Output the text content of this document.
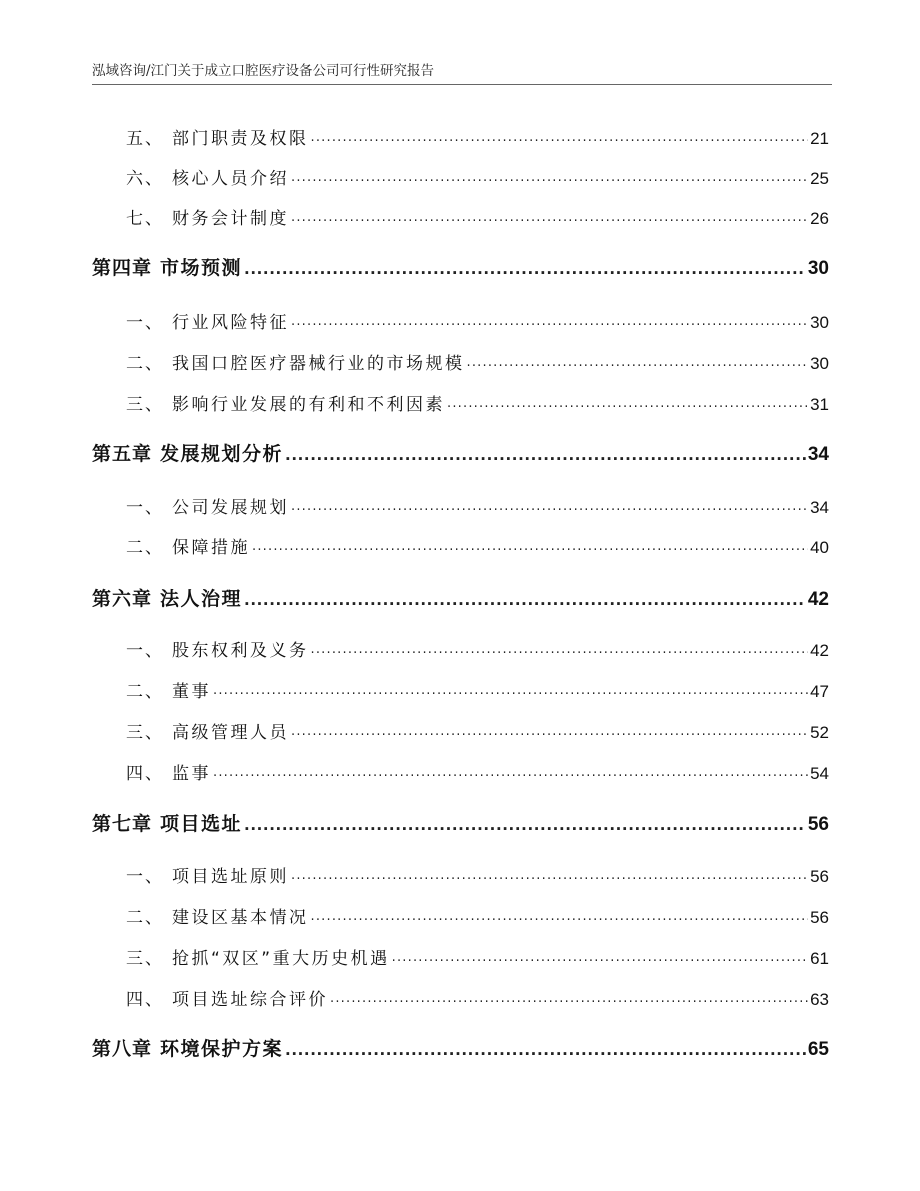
泓域咨询/江门关于成立口腔医疗设备公司可行性研究报告
五、 部门职责及权限 .....	21
六、 核心人员介绍 .....	25
七、 财务会计制度 .....	26
第四章 市场预测 .....	30
一、 行业风险特征 .....	30
二、 我国口腔医疗器械行业的市场规模 .....	30
三、 影响行业发展的有利和不利因素 .....	31
第五章 发展规划分析 .....	34
一、 公司发展规划 .....	34
二、 保障措施 .....	40
第六章 法人治理 .....	42
一、 股东权利及义务 .....	42
二、 董事 .....	47
三、 高级管理人员 .....	52
四、 监事 .....	54
第七章 项目选址 .....	56
一、 项目选址原则 .....	56
二、 建设区基本情况 .....	56
三、 抢抓“双区”重大历史机遇 .....	61
四、 项目选址综合评价 .....	63
第八章 环境保护方案 .....	65
